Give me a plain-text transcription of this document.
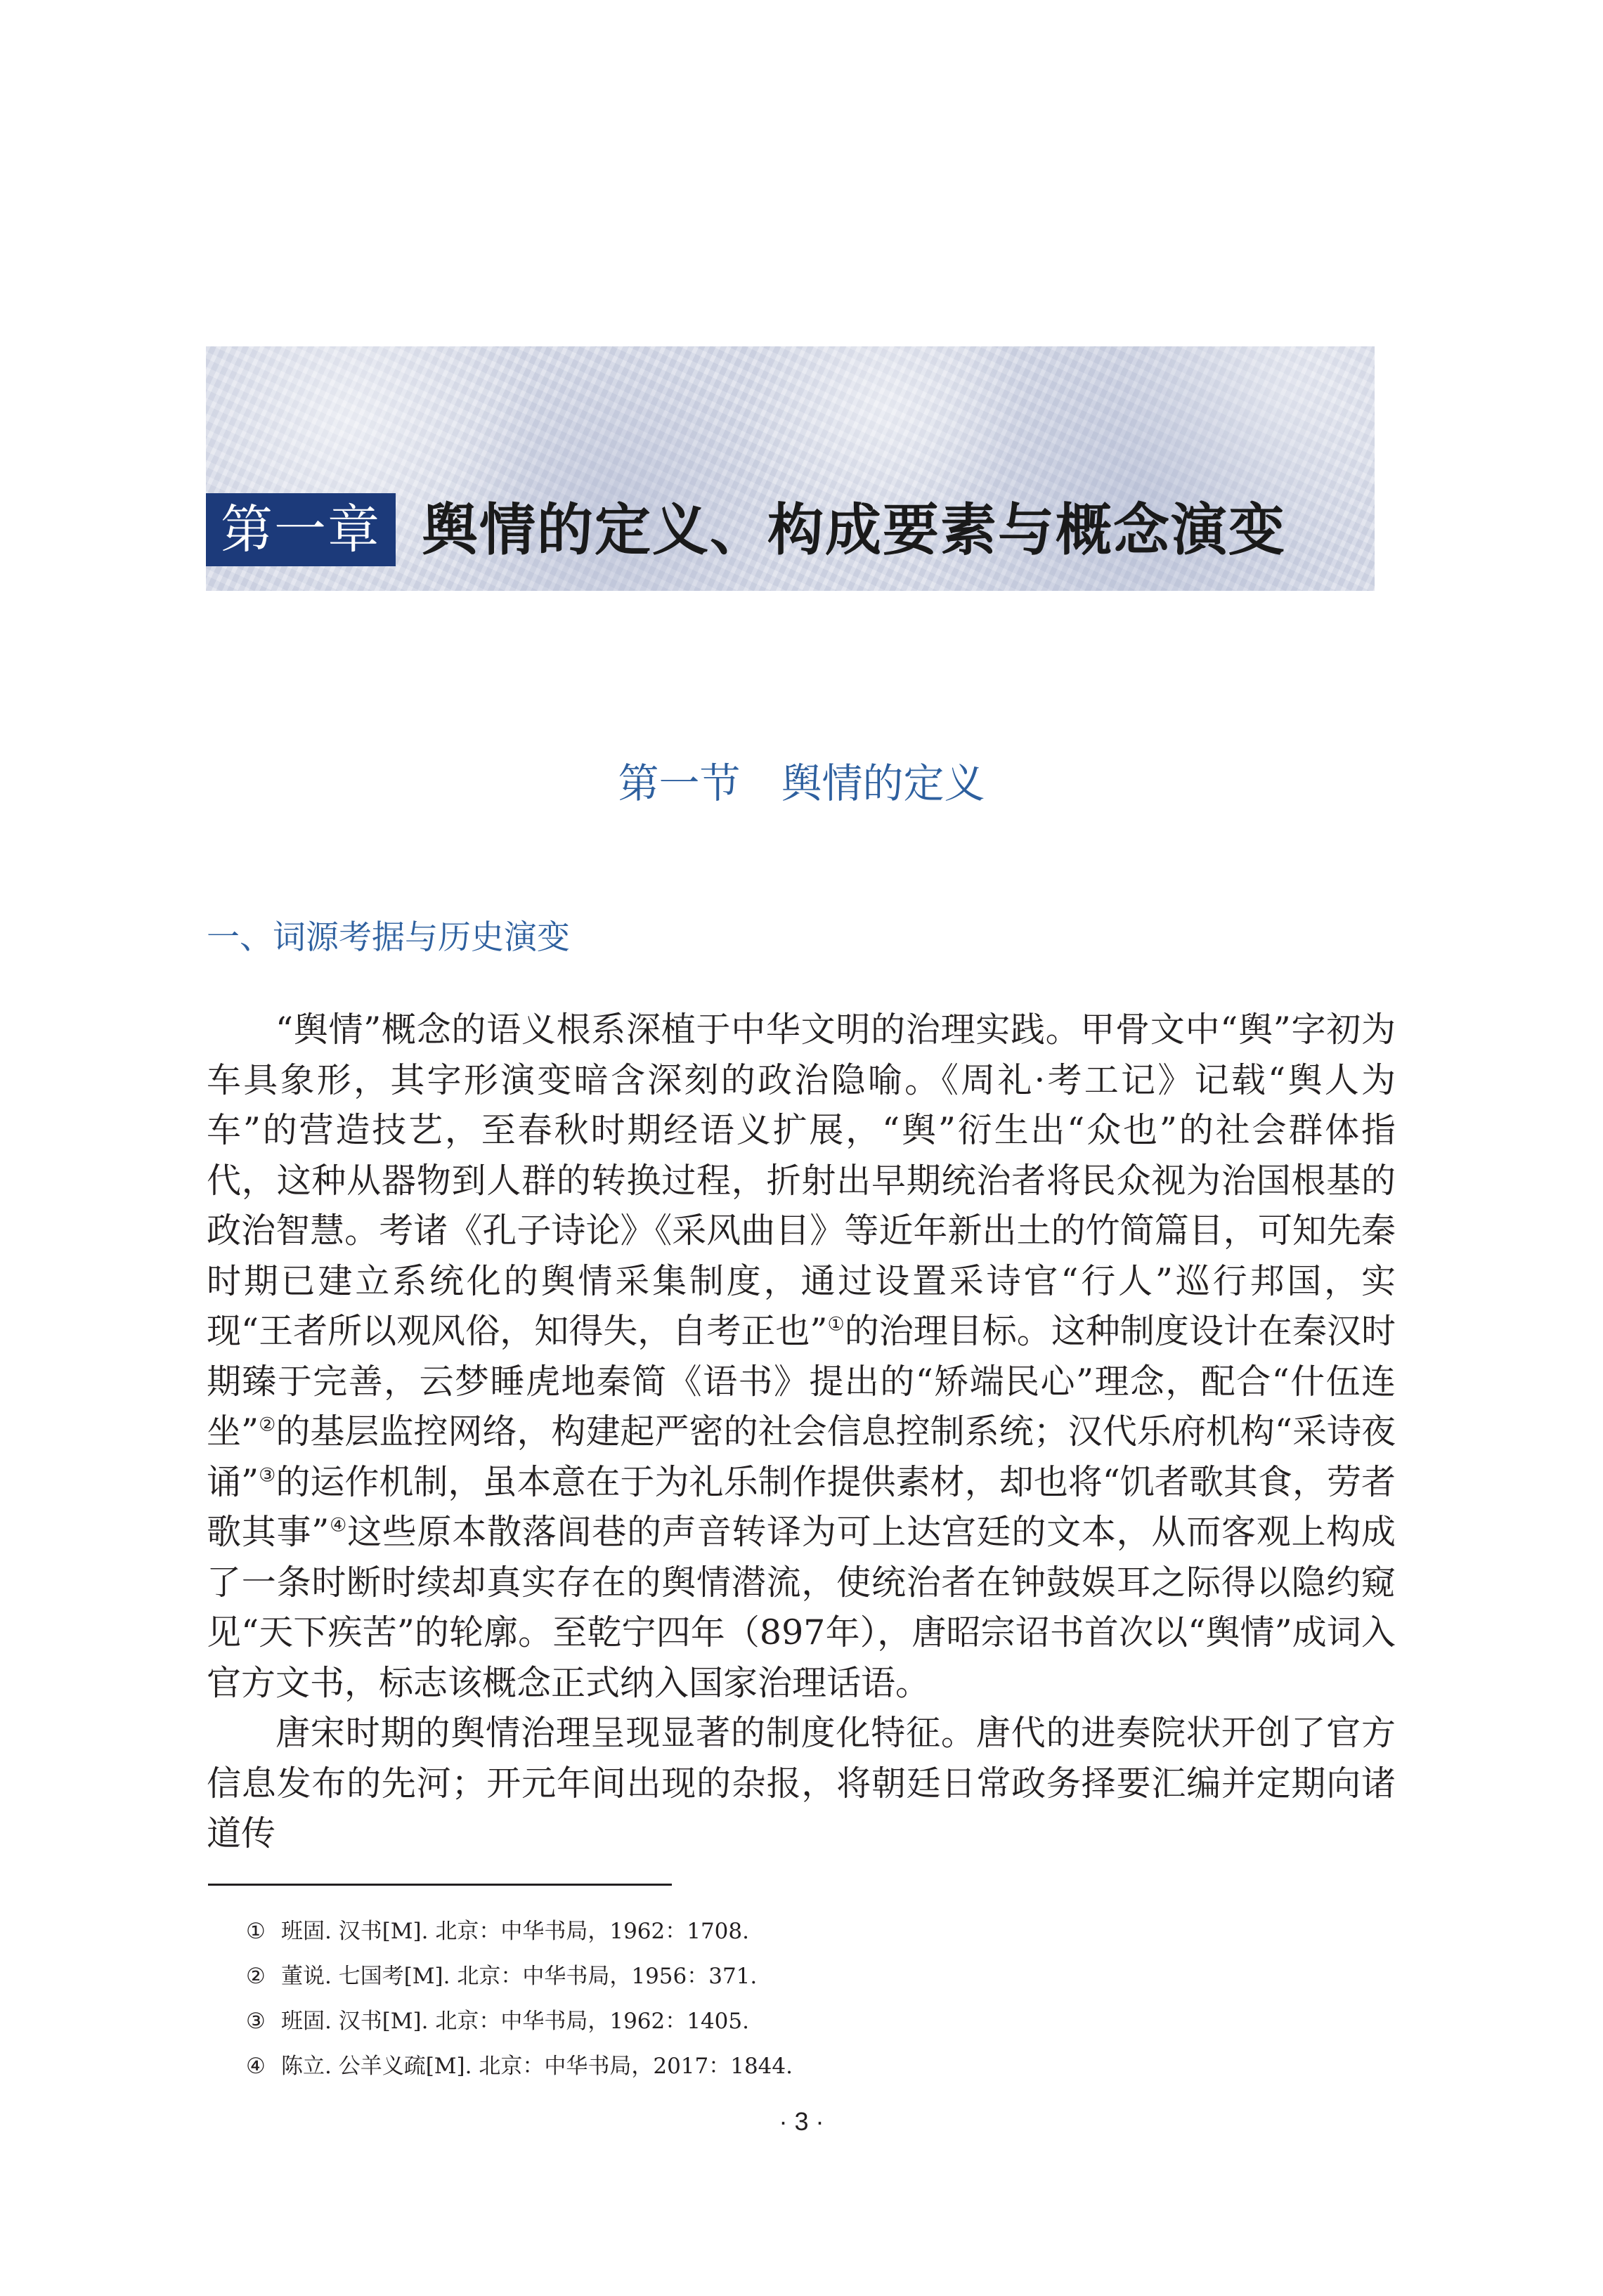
第一章 舆情的定义、构成要素与概念演变
第一节　舆情的定义
一、词源考据与历史演变

“舆情”概念的语义根系深植于中华文明的治理实践。甲骨文中“舆”字初为车具象形，其字形演变暗含深刻的政治隐喻。《周礼·考工记》记载“舆人为车”的营造技艺，至春秋时期经语义扩展，“舆”衍生出“众也”的社会群体指代，这种从器物到人群的转换过程，折射出早期统治者将民众视为治国根基的政治智慧。考诸《孔子诗论》《采风曲目》等近年新出土的竹简篇目，可知先秦时期已建立系统化的舆情采集制度，通过设置采诗官“行人”巡行邦国，实现“王者所以观风俗，知得失，自考正也”①的治理目标。这种制度设计在秦汉时期臻于完善，云梦睡虎地秦简《语书》提出的“矫端民心”理念，配合“什伍连坐”②的基层监控网络，构建起严密的社会信息控制系统；汉代乐府机构“采诗夜诵”③的运作机制，虽本意在于为礼乐制作提供素材，却也将“饥者歌其食，劳者歌其事”④这些原本散落闾巷的声音转译为可上达宫廷的文本，从而客观上构成了一条时断时续却真实存在的舆情潜流，使统治者在钟鼓娱耳之际得以隐约窥见“天下疾苦”的轮廓。至乾宁四年（897年），唐昭宗诏书首次以“舆情”成词入官方文书，标志该概念正式纳入国家治理话语。

唐宋时期的舆情治理呈现显著的制度化特征。唐代的进奏院状开创了官方信息发布的先河；开元年间出现的杂报，将朝廷日常政务择要汇编并定期向诸道传

① 班固. 汉书[M]. 北京：中华书局，1962：1708.
② 董说. 七国考[M]. 北京：中华书局，1956：371.
③ 班固. 汉书[M]. 北京：中华书局，1962：1405.
④ 陈立. 公羊义疏[M]. 北京：中华书局，2017：1844.
· 3 ·
